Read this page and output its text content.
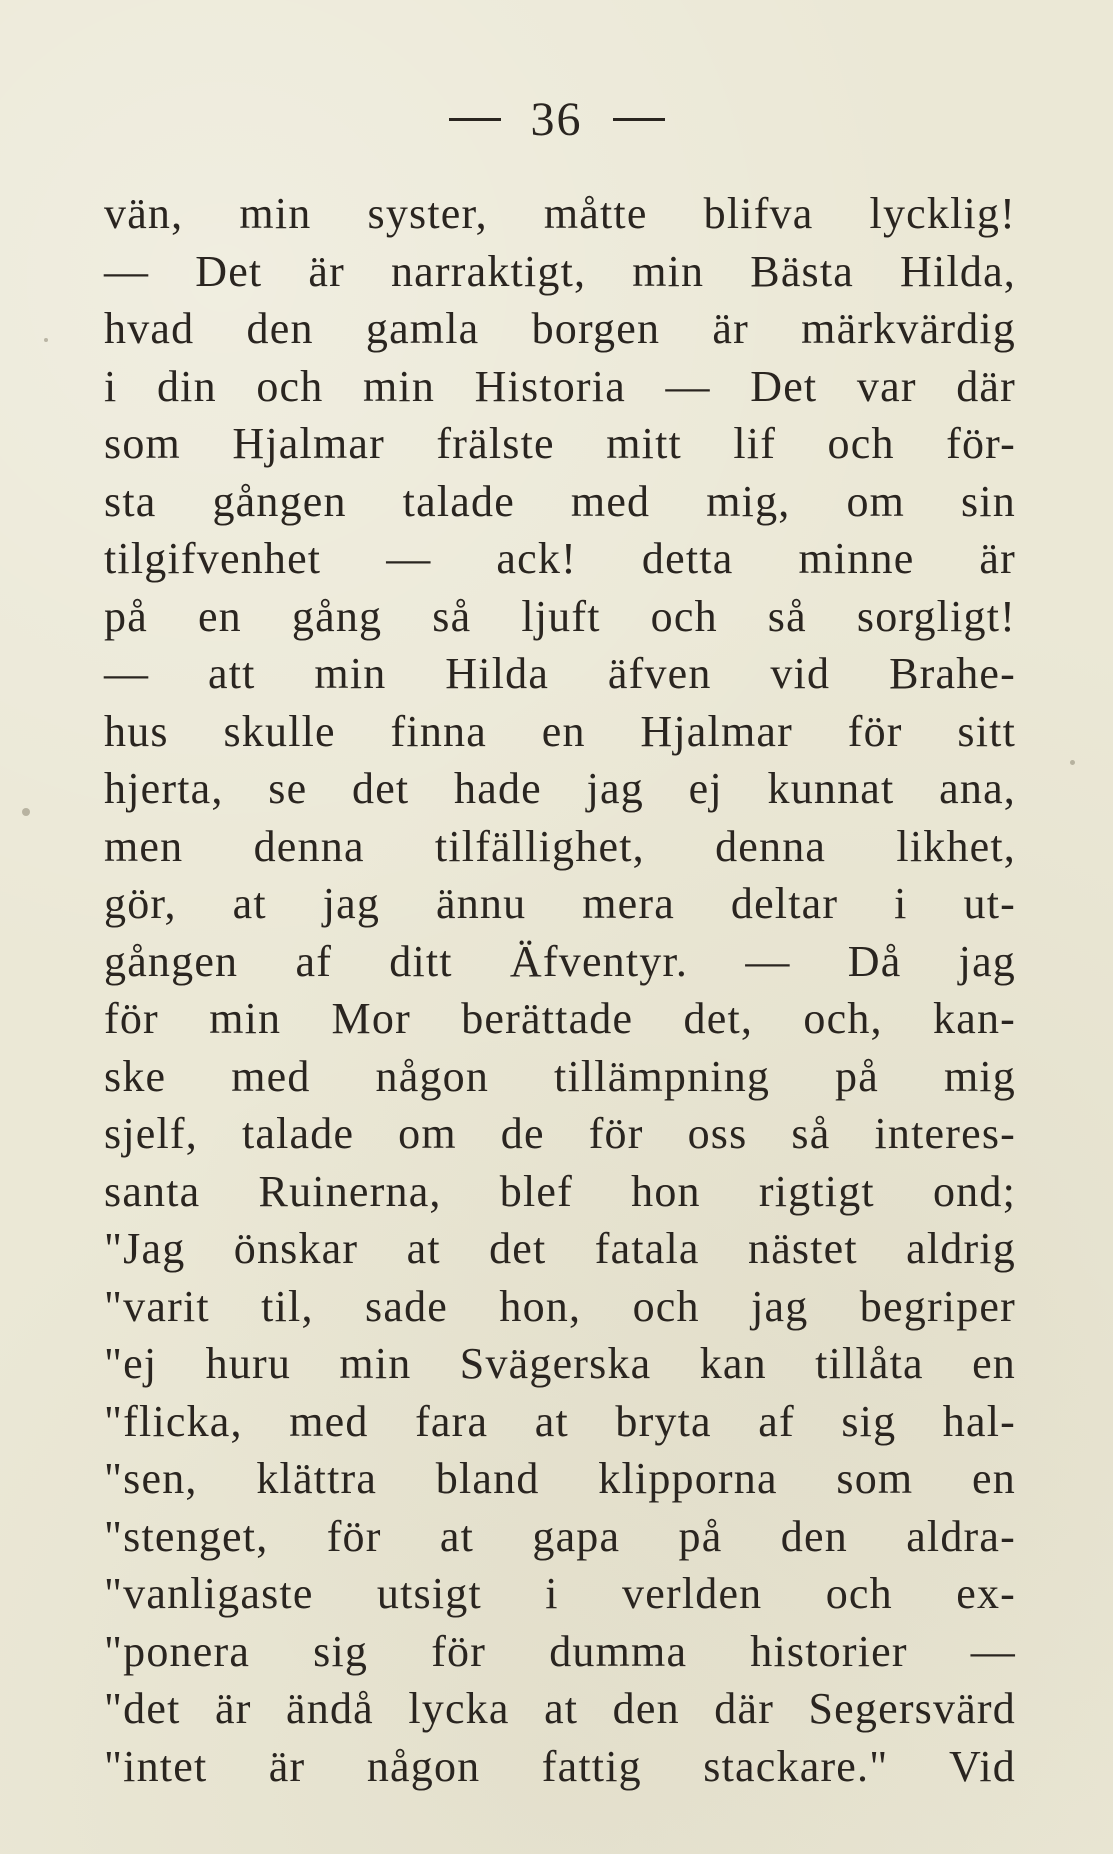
36
vän, min syster, måtte blifva lycklig!
— Det är narraktigt, min Bästa Hilda,
hvad den gamla borgen är märkvärdig
i din och min Historia — Det var där
som Hjalmar frälste mitt lif och för-
sta gången talade med mig, om sin
tilgifvenhet — ack! detta minne är
på en gång så ljuft och så sorgligt!
— att min Hilda äfven vid Brahe-
hus skulle finna en Hjalmar för sitt
hjerta, se det hade jag ej kunnat ana,
men denna tilfällighet, denna likhet,
gör, at jag ännu mera deltar i ut-
gången af ditt Äfventyr. — Då jag
för min Mor berättade det, och, kan-
ske med någon tillämpning på mig
sjelf, talade om de för oss så interes-
santa Ruinerna, blef hon rigtigt ond;
"Jag önskar at det fatala nästet aldrig
"varit til, sade hon, och jag begriper
"ej huru min Svägerska kan tillåta en
"flicka, med fara at bryta af sig hal-
"sen, klättra bland klipporna som en
"stenget, för at gapa på den aldra-
"vanligaste utsigt i verlden och ex-
"ponera sig för dumma historier —
"det är ändå lycka at den där Segersvärd
"intet är någon fattig stackare." Vid
